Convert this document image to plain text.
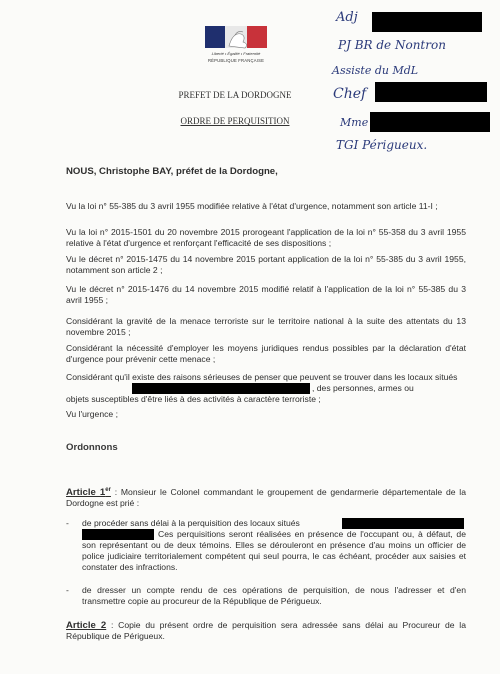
Liberté • Égalité • Fraternité
RÉPUBLIQUE FRANÇAISE
PREFET DE LA DORDOGNE
ORDRE DE PERQUISITION
Adj
PJ BR de Nontron
Assiste du MdL
Chef
Mme
TGI Périgueux.
NOUS, Christophe BAY, préfet de la Dordogne,
Vu la loi n° 55-385 du 3 avril 1955 modifiée relative à l'état d'urgence, notamment son article 11-I ;
Vu la loi n° 2015-1501 du 20 novembre 2015 prorogeant l'application de la loi n° 55-358 du 3 avril 1955 relative à l'état d'urgence et renforçant l'efficacité de ses dispositions ;
Vu le décret n° 2015-1475 du 14 novembre 2015 portant application de la loi n° 55-385 du 3 avril 1955, notamment son article 2 ;
Vu le décret n° 2015-1476 du 14 novembre 2015 modifié relatif à l'application de la loi n° 55-385 du 3 avril 1955 ;
Considérant la gravité de la menace terroriste sur le territoire national à la suite des attentats du 13 novembre 2015 ;
Considérant la nécessité d'employer les moyens juridiques rendus possibles par la déclaration d'état d'urgence pour prévenir cette menace ;
Considérant qu'il existe des raisons sérieuses de penser que peuvent se trouver dans les locaux situés
, des personnes, armes ou
objets susceptibles d'être liés à des activités à caractère terroriste ;
Vu l'urgence ;
Ordonnons
Article 1er : Monsieur le Colonel commandant le groupement de gendarmerie départementale de la Dordogne est prié :
- de procéder sans délai à la perquisition des locaux situés
Ces perquisitions seront réalisées en présence de l'occupant ou, à défaut, de son représentant ou de deux témoins. Elles se dérouleront en présence d'au moins un officier de police judiciaire territorialement compétent qui seul pourra, le cas échéant, procéder aux saisies et constater des infractions.
- de dresser un compte rendu de ces opérations de perquisition, de nous l'adresser et d'en transmettre copie au procureur de la République de Périgueux.
Article 2 : Copie du présent ordre de perquisition sera adressée sans délai au Procureur de la République de Périgueux.
